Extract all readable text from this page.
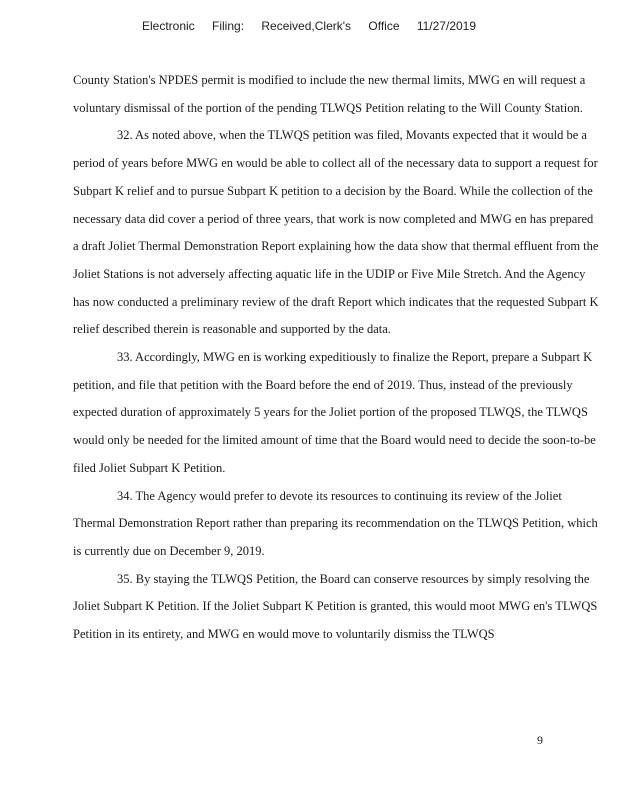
Electronic Filing: Received,Clerk's Office 11/27/2019

County Station's NPDES permit is modified to include the new thermal limits, MWG en will request a voluntary dismissal of the portion of the pending TLWQS Petition relating to the Will County Station.

32. As noted above, when the TLWQS petition was filed, Movants expected that it would be a period of years before MWG en would be able to collect all of the necessary data to support a request for Subpart K relief and to pursue Subpart K petition to a decision by the Board. While the collection of the necessary data did cover a period of three years, that work is now completed and MWG en has prepared a draft Joliet Thermal Demonstration Report explaining how the data show that thermal effluent from the Joliet Stations is not adversely affecting aquatic life in the UDIP or Five Mile Stretch. And the Agency has now conducted a preliminary review of the draft Report which indicates that the requested Subpart K relief described therein is reasonable and supported by the data.

33. Accordingly, MWG en is working expeditiously to finalize the Report, prepare a Subpart K petition, and file that petition with the Board before the end of 2019. Thus, instead of the previously expected duration of approximately 5 years for the Joliet portion of the proposed TLWQS, the TLWQS would only be needed for the limited amount of time that the Board would need to decide the soon-to-be filed Joliet Subpart K Petition.

34. The Agency would prefer to devote its resources to continuing its review of the Joliet Thermal Demonstration Report rather than preparing its recommendation on the TLWQS Petition, which is currently due on December 9, 2019.

35. By staying the TLWQS Petition, the Board can conserve resources by simply resolving the Joliet Subpart K Petition. If the Joliet Subpart K Petition is granted, this would moot MWG en's TLWQS Petition in its entirety, and MWG en would move to voluntarily dismiss the TLWQS

9
